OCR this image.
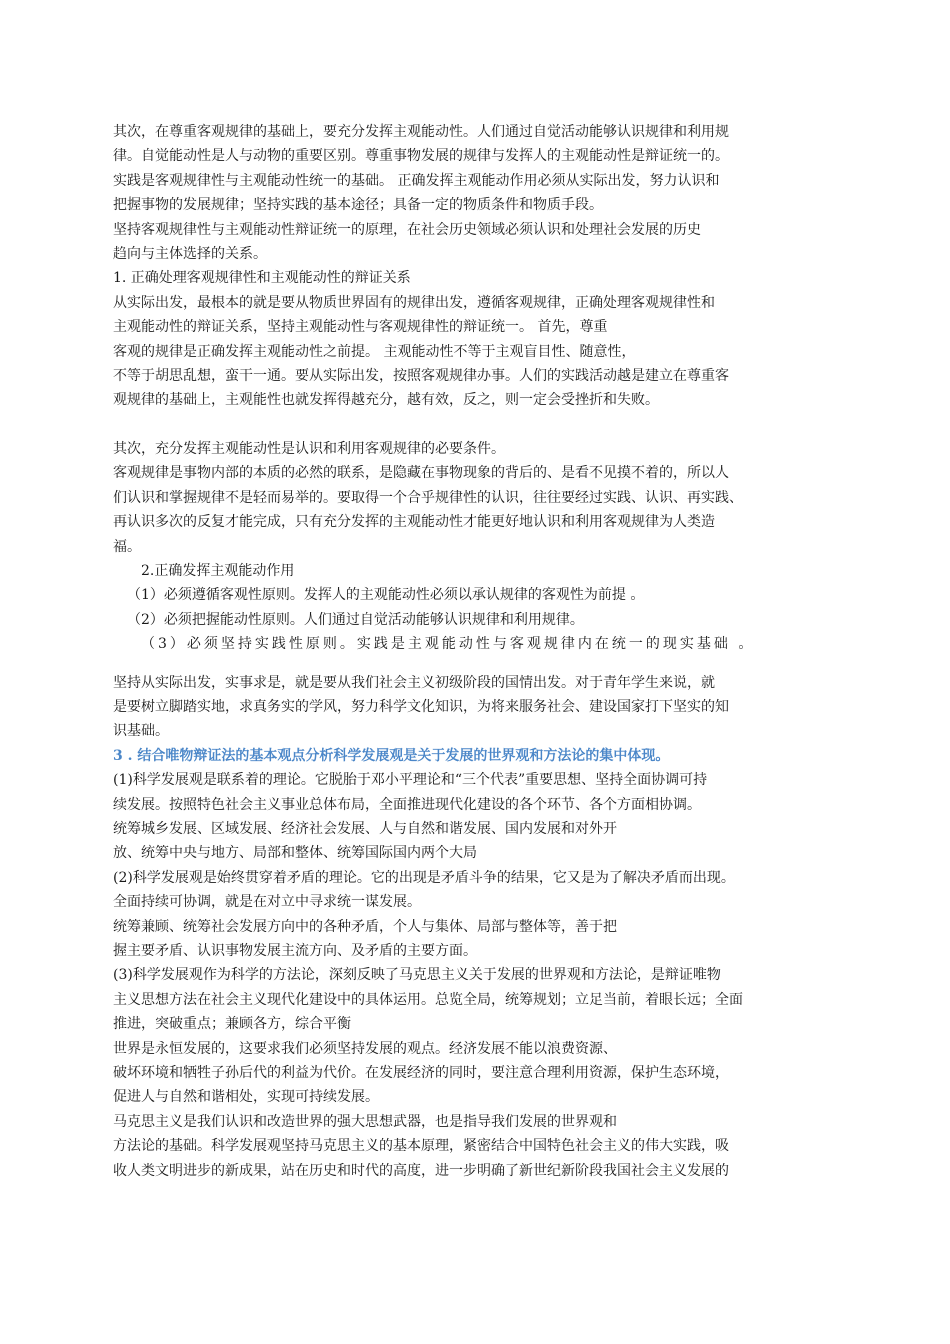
其次，在尊重客观规律的基础上，要充分发挥主观能动性。人们通过自觉活动能够认识规律和利用规

律。自觉能动性是人与动物的重要区别。尊重事物发展的规律与发挥人的主观能动性是辩证统一的。

实践是客观规律性与主观能动性统一的基础。 正确发挥主观能动作用必须从实际出发，努力认识和

把握事物的发展规律；坚持实践的基本途径；具备一定的物质条件和物质手段。

坚持客观规律性与主观能动性辩证统一的原理，在社会历史领域必须认识和处理社会发展的历史

趋向与主体选择的关系。

1. 正确处理客观规律性和主观能动性的辩证关系

从实际出发，最根本的就是要从物质世界固有的规律出发，遵循客观规律，正确处理客观规律性和

主观能动性的辩证关系，坚持主观能动性与客观规律性的辩证统一。 首先，尊重

客观的规律是正确发挥主观能动性之前提。 主观能动性不等于主观盲目性、随意性，

不等于胡思乱想，蛮干一通。要从实际出发，按照客观规律办事。人们的实践活动越是建立在尊重客

观规律的基础上，主观能性也就发挥得越充分，越有效，反之，则一定会受挫折和失败。

其次，充分发挥主观能动性是认识和利用客观规律的必要条件。

客观规律是事物内部的本质的必然的联系，是隐藏在事物现象的背后的、是看不见摸不着的，所以人

们认识和掌握规律不是轻而易举的。要取得一个合乎规律性的认识，往往要经过实践、认识、再实践、

再认识多次的反复才能完成，只有充分发挥的主观能动性才能更好地认识和利用客观规律为人类造

福。

2.正确发挥主观能动作用

（1）必须遵循客观性原则。发挥人的主观能动性必须以承认规律的客观性为前提 。

（2）必须把握能动性原则。人们通过自觉活动能够认识规律和利用规律。

（3）必须坚持实践性原则。实践是主观能动性与客观规律内在统一的现实基础 。

坚持从实际出发，实事求是，就是要从我们社会主义初级阶段的国情出发。对于青年学生来说，就

是要树立脚踏实地，求真务实的学风，努力科学文化知识，为将来服务社会、建设国家打下坚实的知

识基础。

3 . 结合唯物辩证法的基本观点分析科学发展观是关于发展的世界观和方法论的集中体现。

(1)科学发展观是联系着的理论。它脱胎于邓小平理论和“三个代表”重要思想、坚持全面协调可持

续发展。按照特色社会主义事业总体布局，全面推进现代化建设的各个环节、各个方面相协调。

统筹城乡发展、区域发展、经济社会发展、人与自然和谐发展、国内发展和对外开

放、统筹中央与地方、局部和整体、统筹国际国内两个大局

(2)科学发展观是始终贯穿着矛盾的理论。它的出现是矛盾斗争的结果，它又是为了解决矛盾而出现。

全面持续可协调，就是在对立中寻求统一谋发展。

统筹兼顾、统筹社会发展方向中的各种矛盾，个人与集体、局部与整体等，善于把

握主要矛盾、认识事物发展主流方向、及矛盾的主要方面。

(3)科学发展观作为科学的方法论，深刻反映了马克思主义关于发展的世界观和方法论，是辩证唯物

主义思想方法在社会主义现代化建设中的具体运用。总览全局，统筹规划；立足当前，着眼长远；全面

推进，突破重点；兼顾各方，综合平衡

世界是永恒发展的，这要求我们必须坚持发展的观点。经济发展不能以浪费资源、

破坏环境和牺牲子孙后代的利益为代价。在发展经济的同时，要注意合理利用资源，保护生态环境，

促进人与自然和谐相处，实现可持续发展。

马克思主义是我们认识和改造世界的强大思想武器，也是指导我们发展的世界观和

方法论的基础。科学发展观坚持马克思主义的基本原理，紧密结合中国特色社会主义的伟大实践，吸

收人类文明进步的新成果，站在历史和时代的高度，进一步明确了新世纪新阶段我国社会主义发展的
